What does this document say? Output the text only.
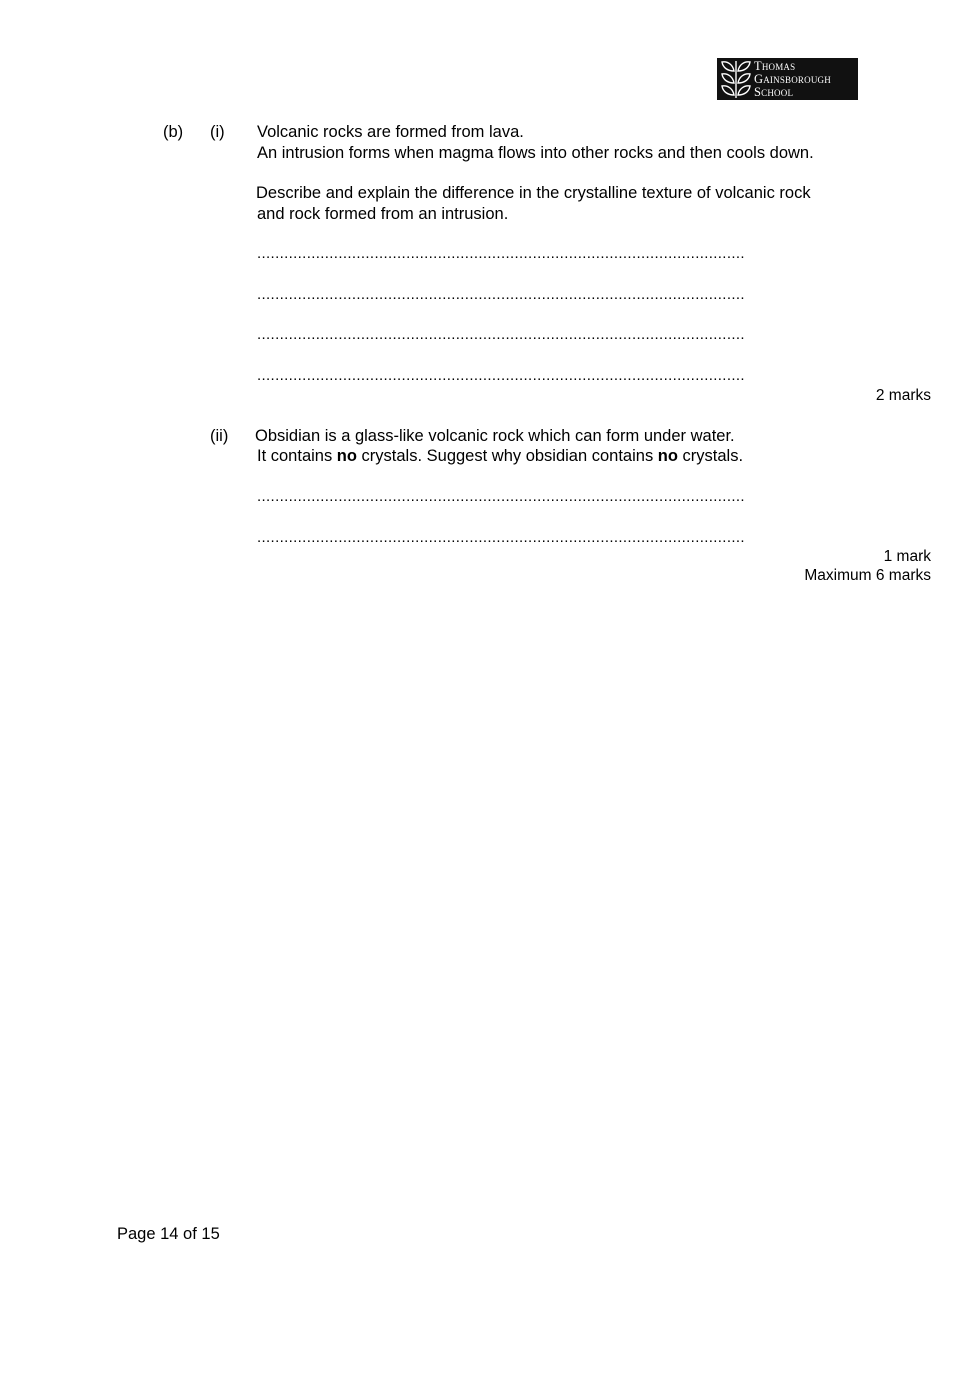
Thomas
Gainsborough
School
(b) (i) Volcanic rocks are formed from lava.
An intrusion forms when magma flows into other rocks and then cools down.
Describe and explain the difference in the crystalline texture of volcanic rock
and rock formed from an intrusion.
............................................................................................................
............................................................................................................
............................................................................................................
............................................................................................................
2 marks
(ii) Obsidian is a glass-like volcanic rock which can form under water.
It contains no crystals. Suggest why obsidian contains no crystals.
............................................................................................................
............................................................................................................
1 mark
Maximum 6 marks
Page 14 of 15
